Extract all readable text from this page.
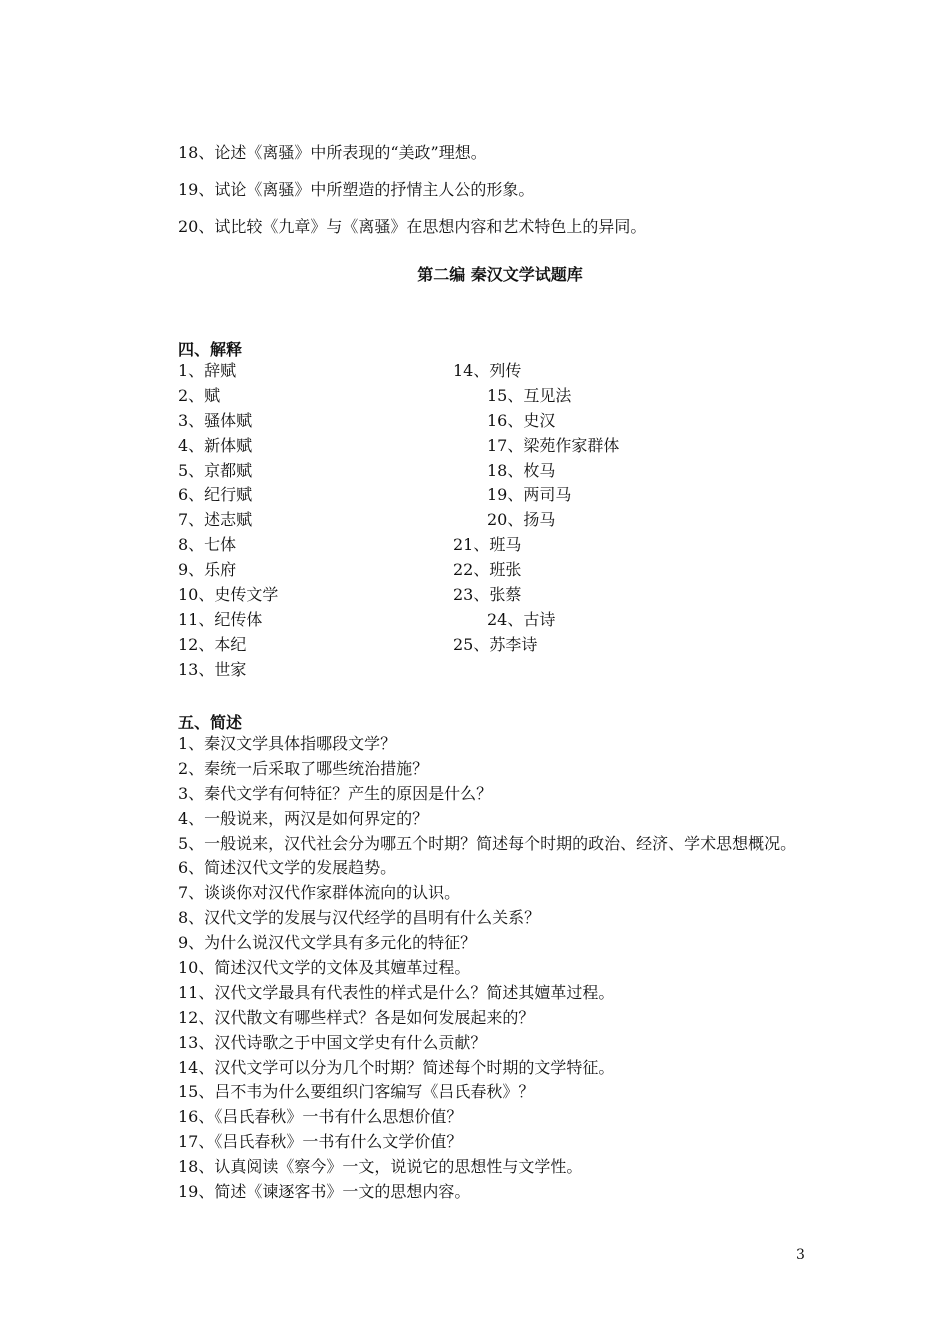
18、论述《离骚》中所表现的“美政”理想。
19、试论《离骚》中所塑造的抒情主人公的形象。
20、试比较《九章》与《离骚》在思想内容和艺术特色上的异同。
第二编 秦汉文学试题库
四、解释
1、辞赋
2、赋
3、骚体赋
4、新体赋
5、京都赋
6、纪行赋
7、述志赋
8、七体
9、乐府
10、史传文学
11、纪传体
12、本纪
13、世家
14、列传
15、互见法
16、史汉
17、梁苑作家群体
18、枚马
19、两司马
20、扬马
21、班马
22、班张
23、张蔡
24、古诗
25、苏李诗
五、简述
1、秦汉文学具体指哪段文学？
2、秦统一后采取了哪些统治措施？
3、秦代文学有何特征？产生的原因是什么？
4、一般说来，两汉是如何界定的？
5、一般说来，汉代社会分为哪五个时期？简述每个时期的政治、经济、学术思想概况。
6、简述汉代文学的发展趋势。
7、谈谈你对汉代作家群体流向的认识。
8、汉代文学的发展与汉代经学的昌明有什么关系？
9、为什么说汉代文学具有多元化的特征？
10、简述汉代文学的文体及其嬗革过程。
11、汉代文学最具有代表性的样式是什么？简述其嬗革过程。
12、汉代散文有哪些样式？各是如何发展起来的？
13、汉代诗歌之于中国文学史有什么贡献？
14、汉代文学可以分为几个时期？简述每个时期的文学特征。
15、吕不韦为什么要组织门客编写《吕氏春秋》？
16、《吕氏春秋》一书有什么思想价值？
17、《吕氏春秋》一书有什么文学价值？
18、认真阅读《察今》一文，说说它的思想性与文学性。
19、简述《谏逐客书》一文的思想内容。
3
